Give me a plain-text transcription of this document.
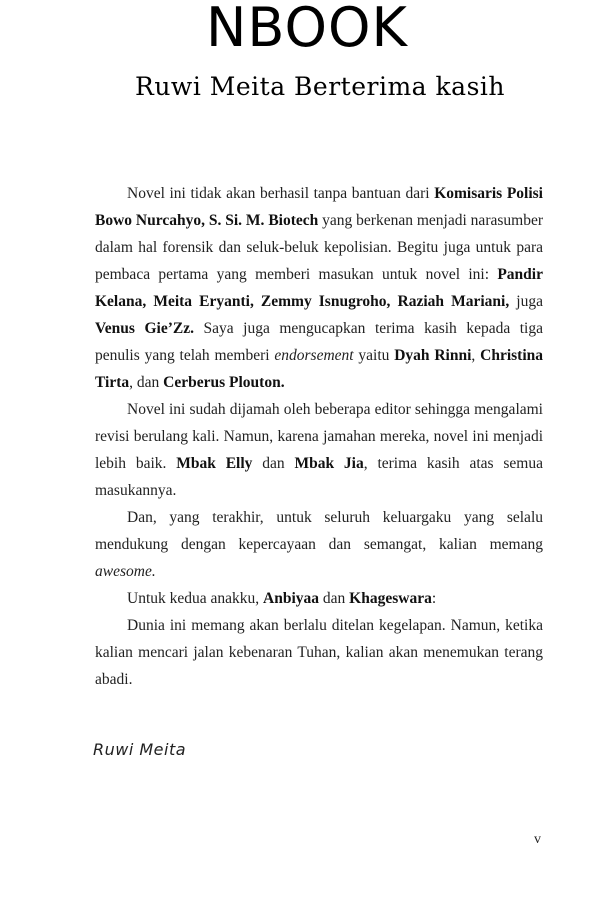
NBOOK
Ruwi Meita Berterima kasih

Novel ini tidak akan berhasil tanpa bantuan dari Komisaris Polisi Bowo Nurcahyo, S. Si. M. Biotech yang berkenan menjadi narasumber dalam hal forensik dan seluk-beluk kepolisian. Begitu juga untuk para pembaca pertama yang memberi masukan untuk novel ini: Pandir Kelana, Meita Eryanti, Zemmy Isnugroho, Raziah Mariani, juga Venus Gie’Zz. Saya juga mengucapkan terima kasih kepada tiga penulis yang telah memberi endorsement yaitu Dyah Rinni, Christina Tirta, dan Cerberus Plouton.

Novel ini sudah dijamah oleh beberapa editor sehingga mengalami revisi berulang kali. Namun, karena jamahan mereka, novel ini menjadi lebih baik. Mbak Elly dan Mbak Jia, terima kasih atas semua masukannya.

Dan, yang terakhir, untuk seluruh keluargaku yang selalu mendukung dengan kepercayaan dan semangat, kalian memang awesome.

Untuk kedua anakku, Anbiyaa dan Khageswara:

Dunia ini memang akan berlalu ditelan kegelapan. Namun, ketika kalian mencari jalan kebenaran Tuhan, kalian akan menemukan terang abadi.

Ruwi Meita
v
